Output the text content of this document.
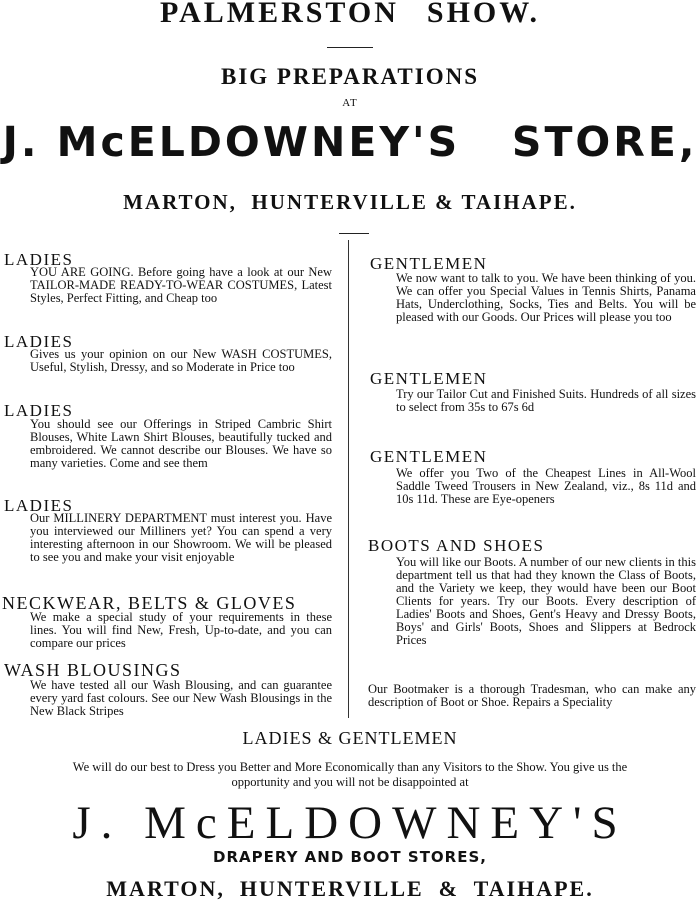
PALMERSTON SHOW.
BIG PREPARATIONS
AT
J. McELDOWNEY'S   STORE,
MARTON,  HUNTERVILLE & TAIHAPE.
LADIES
YOU ARE GOING. Before going have a look at our New TAILOR-MADE READY-TO-WEAR COSTUMES, Latest Styles, Perfect Fitting, and Cheap too
LADIES
Gives us your opinion on our New WASH COSTUMES, Useful, Stylish, Dressy, and so Moderate in Price too
LADIES
You should see our Offerings in Striped Cambric Shirt Blouses, White Lawn Shirt Blouses, beautifully tucked and embroidered. We cannot describe our Blouses. We have so many varieties. Come and see them
LADIES
Our MILLINERY DEPARTMENT must interest you. Have you interviewed our Milliners yet? You can spend a very interesting afternoon in our Showroom. We will be pleased to see you and make your visit enjoyable
NECKWEAR, BELTS & GLOVES
We make a special study of your requirements in these lines. You will find New, Fresh, Up-to-date, and you can compare our prices
WASH BLOUSINGS
We have tested all our Wash Blousing, and can guarantee every yard fast colours. See our New Wash Blousings in the New Black Stripes
GENTLEMEN
We now want to talk to you. We have been thinking of you. We can offer you Special Values in Tennis Shirts, Panama Hats, Underclothing, Socks, Ties and Belts. You will be pleased with our Goods. Our Prices will please you too
GENTLEMEN
Try our Tailor Cut and Finished Suits. Hundreds of all sizes to select from 35s to 67s 6d
GENTLEMEN
We offer you Two of the Cheapest Lines in All-Wool Saddle Tweed Trousers in New Zealand, viz., 8s 11d and 10s 11d. These are Eye-openers
BOOTS AND SHOES
You will like our Boots. A number of our new clients in this department tell us that had they known the Class of Boots, and the Variety we keep, they would have been our Boot Clients for years. Try our Boots. Every description of Ladies' Boots and Shoes, Gent's Heavy and Dressy Boots, Boys' and Girls' Boots, Shoes and Slippers at Bedrock Prices
Our Bootmaker is a thorough Tradesman, who can make any description of Boot or Shoe. Repairs a Speciality
LADIES & GENTLEMEN
We will do our best to Dress you Better and More Economically than any Visitors to the Show. You give us the
opportunity and you will not be disappointed at
J. McELDOWNEY'S
DRAPERY AND BOOT STORES,
MARTON,  HUNTERVILLE  &  TAIHAPE.
